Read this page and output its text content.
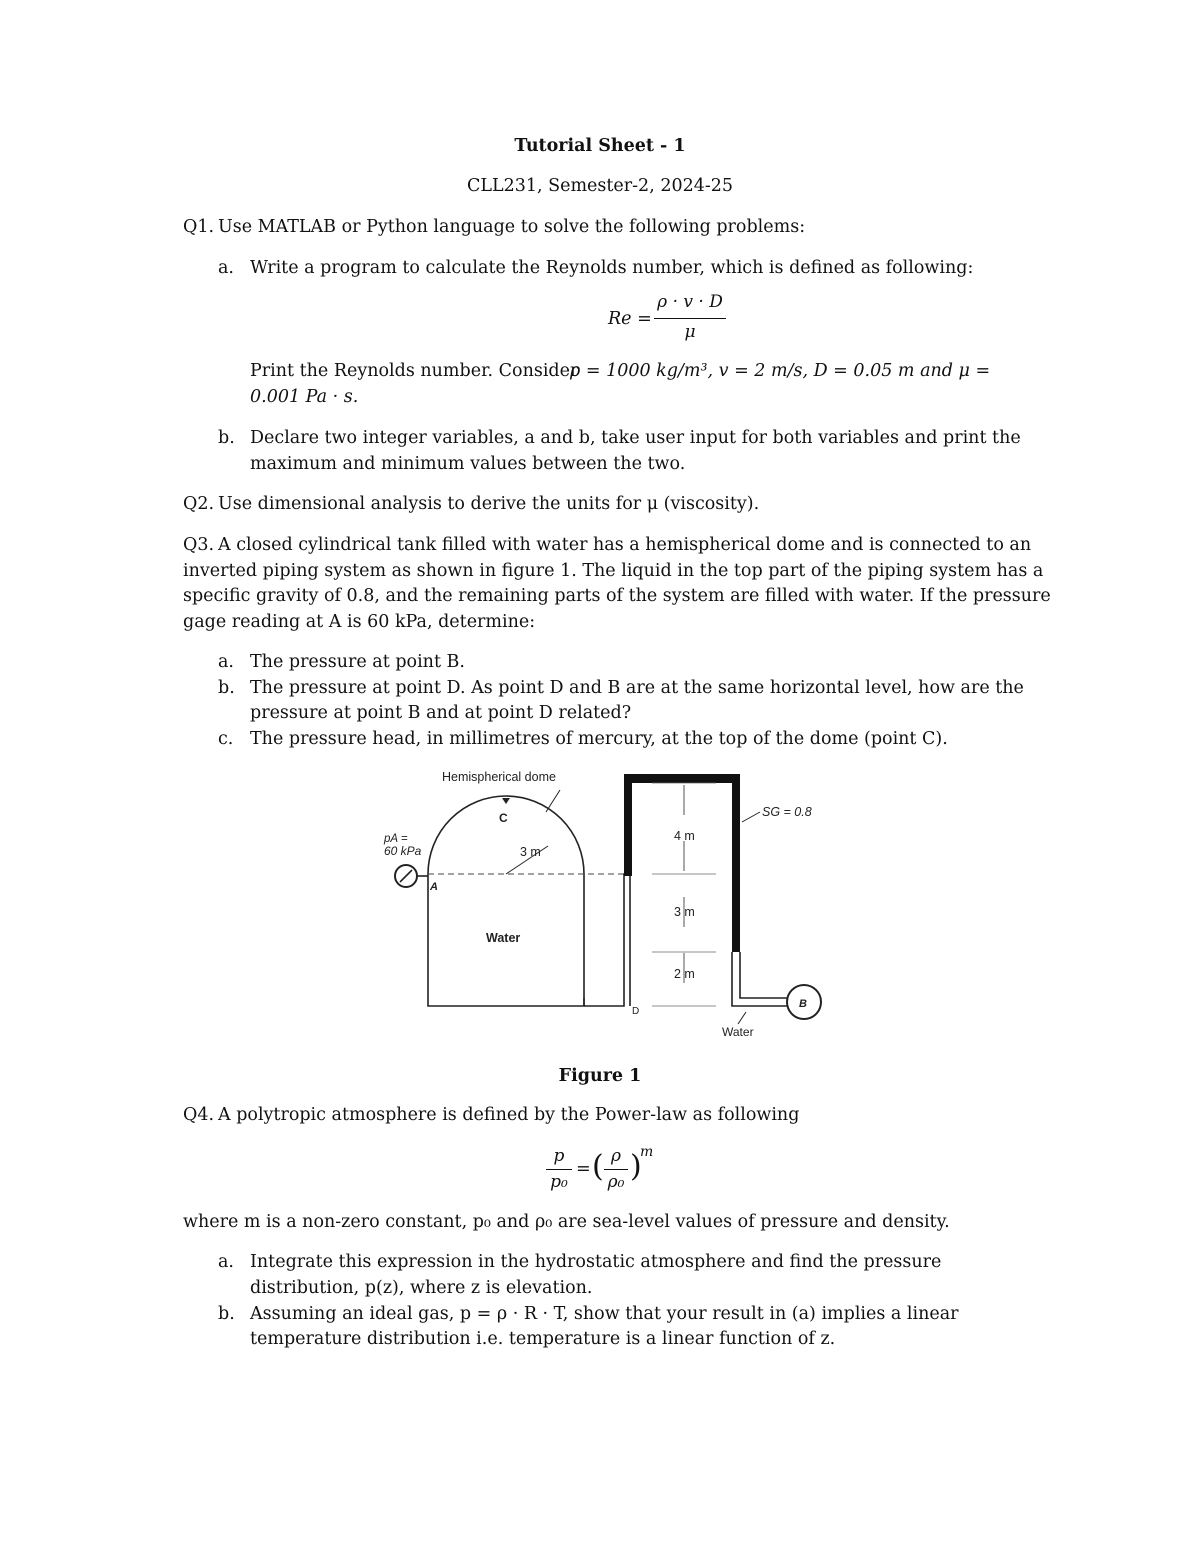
Tutorial Sheet - 1
CLL231, Semester-2, 2024-25
Q1. Use MATLAB or Python language to solve the following problems:
a. Write a program to calculate the Reynolds number, which is defined as following:
Re =
ρ · v · D
μ
Print the Reynolds number. Consider
ρ = 1000 kg/m³, v = 2 m/s, D = 0.05 m and μ =
0.001 Pa · s.
b. Declare two integer variables, a and b, take user input for both variables and print the
maximum and minimum values between the two.
Q2. Use dimensional analysis to derive the units for μ (viscosity).
Q3. A closed cylindrical tank filled with water has a hemispherical dome and is connected to an
inverted piping system as shown in figure 1. The liquid in the top part of the piping system has a
specific gravity of 0.8, and the remaining parts of the system are filled with water. If the pressure
gage reading at A is 60 kPa, determine:
a. The pressure at point B.
b. The pressure at point D. As point D and B are at the same horizontal level, how are the
pressure at point B and at point D related?
c. The pressure head, in millimetres of mercury, at the top of the dome (point C).
Hemispherical dome
C
pA =
60 kPa	3 m
A
Water
4 m
3 m
2 m
SG = 0.8
D
B
Water
Figure 1
Q4. A polytropic atmosphere is defined by the Power-law as following
p
p₀
= ( ρ
ρ₀ )
m
where m is a non-zero constant, p₀ and ρ₀ are sea-level values of pressure and density.
a. Integrate this expression in the hydrostatic atmosphere and find the pressure
distribution, p(z), where z is elevation.
b. Assuming an ideal gas, p = ρ · R · T, show that your result in (a) implies a linear
temperature distribution i.e. temperature is a linear function of z.
